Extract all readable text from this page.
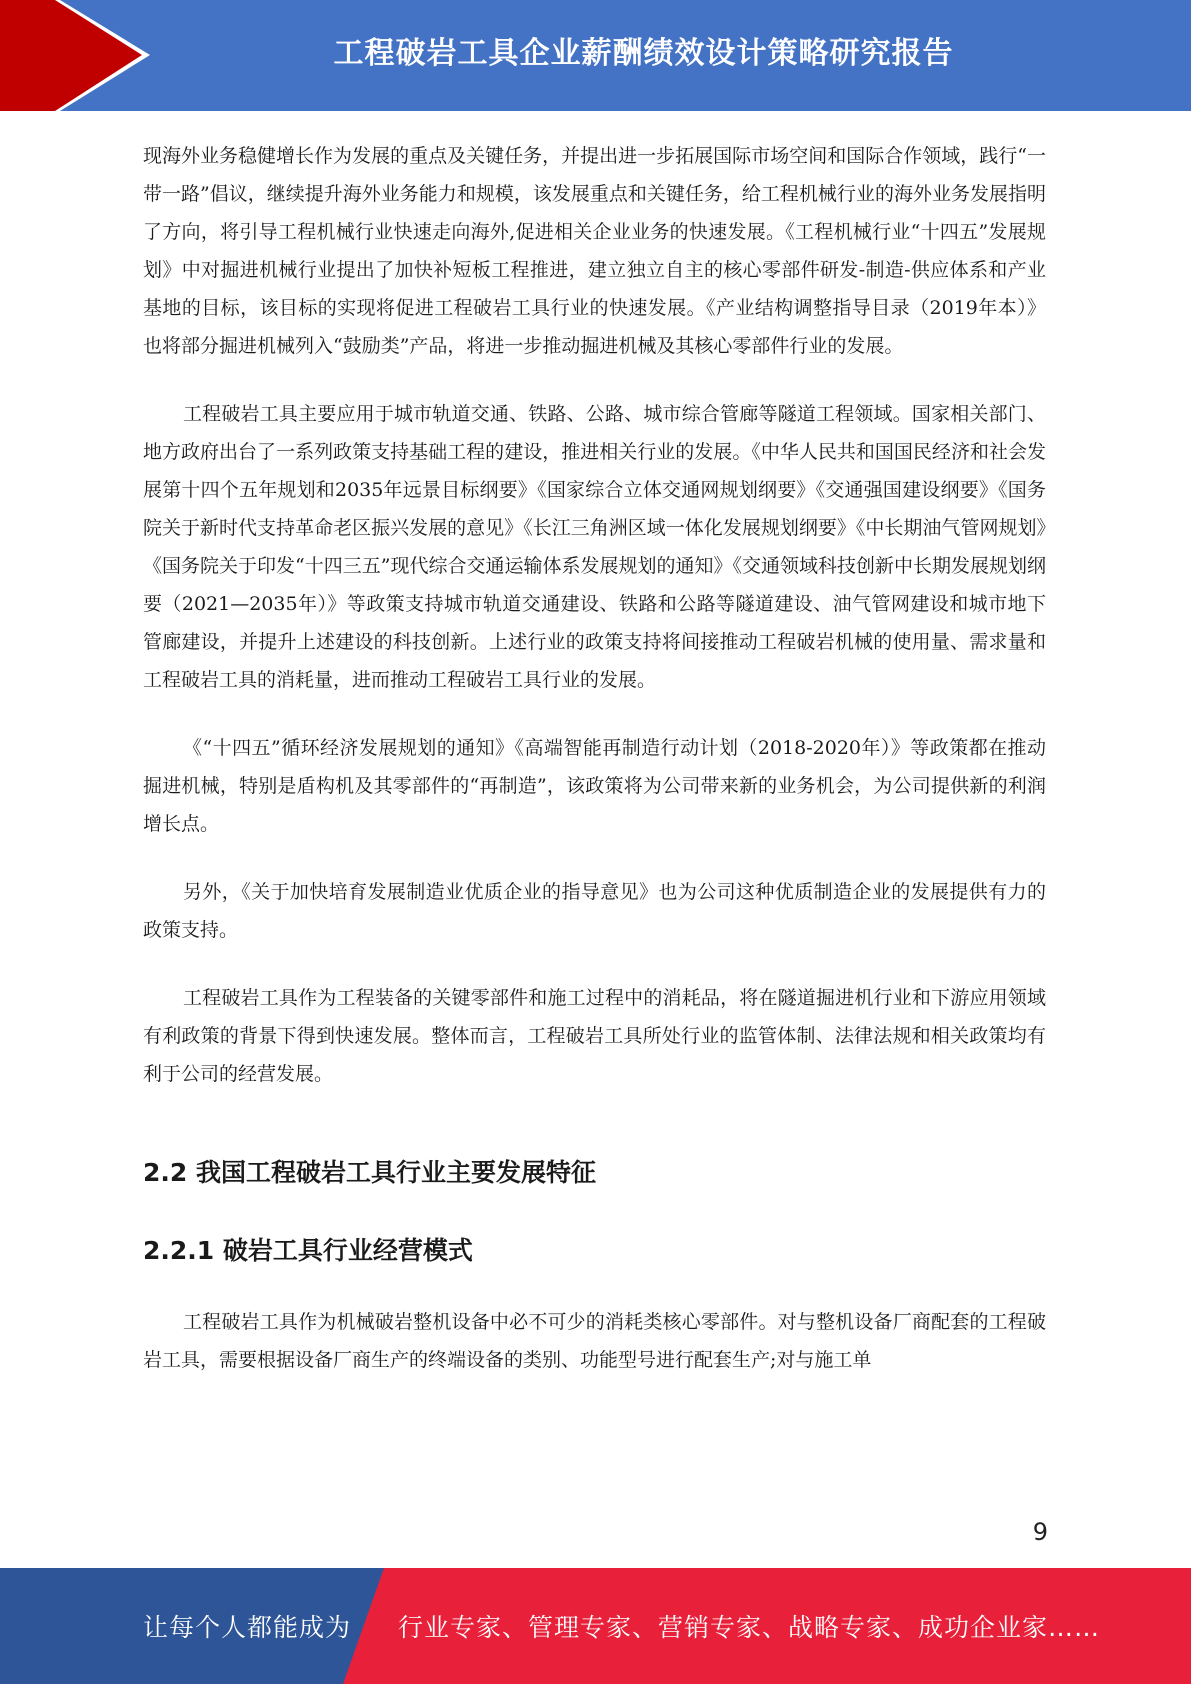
工程破岩工具企业薪酬绩效设计策略研究报告

现海外业务稳健增长作为发展的重点及关键任务，并提出进一步拓展国际市场空间和国际合作领域，践行“一带一路”倡议，继续提升海外业务能力和规模，该发展重点和关键任务，给工程机械行业的海外业务发展指明了方向，将引导工程机械行业快速走向海外,促进相关企业业务的快速发展。《工程机械行业“十四五”发展规划》中对掘进机械行业提出了加快补短板工程推进，建立独立自主的核心零部件研发-制造-供应体系和产业基地的目标，该目标的实现将促进工程破岩工具行业的快速发展。《产业结构调整指导目录（2019年本）》也将部分掘进机械列入“鼓励类”产品，将进一步推动掘进机械及其核心零部件行业的发展。

工程破岩工具主要应用于城市轨道交通、铁路、公路、城市综合管廊等隧道工程领域。国家相关部门、地方政府出台了一系列政策支持基础工程的建设，推进相关行业的发展。《中华人民共和国国民经济和社会发展第十四个五年规划和2035年远景目标纲要》《国家综合立体交通网规划纲要》《交通强国建设纲要》《国务院关于新时代支持革命老区振兴发展的意见》《长江三角洲区域一体化发展规划纲要》《中长期油气管网规划》《国务院关于印发“十四三五”现代综合交通运输体系发展规划的通知》《交通领域科技创新中长期发展规划纲要（2021—2035年）》等政策支持城市轨道交通建设、铁路和公路等隧道建设、油气管网建设和城市地下管廊建设，并提升上述建设的科技创新。上述行业的政策支持将间接推动工程破岩机械的使用量、需求量和工程破岩工具的消耗量，进而推动工程破岩工具行业的发展。

《“十四五”循环经济发展规划的通知》《高端智能再制造行动计划（2018-2020年）》等政策都在推动掘进机械，特别是盾构机及其零部件的“再制造”，该政策将为公司带来新的业务机会，为公司提供新的利润增长点。

另外，《关于加快培育发展制造业优质企业的指导意见》也为公司这种优质制造企业的发展提供有力的政策支持。

工程破岩工具作为工程装备的关键零部件和施工过程中的消耗品，将在隧道掘进机行业和下游应用领域有利政策的背景下得到快速发展。整体而言，工程破岩工具所处行业的监管体制、法律法规和相关政策均有利于公司的经营发展。

2.2 我国工程破岩工具行业主要发展特征
2.2.1 破岩工具行业经营模式

工程破岩工具作为机械破岩整机设备中必不可少的消耗类核心零部件。对与整机设备厂商配套的工程破岩工具，需要根据设备厂商生产的终端设备的类别、功能型号进行配套生产;对与施工单

9
让每个人都能成为 行业专家、管理专家、营销专家、战略专家、成功企业家……
